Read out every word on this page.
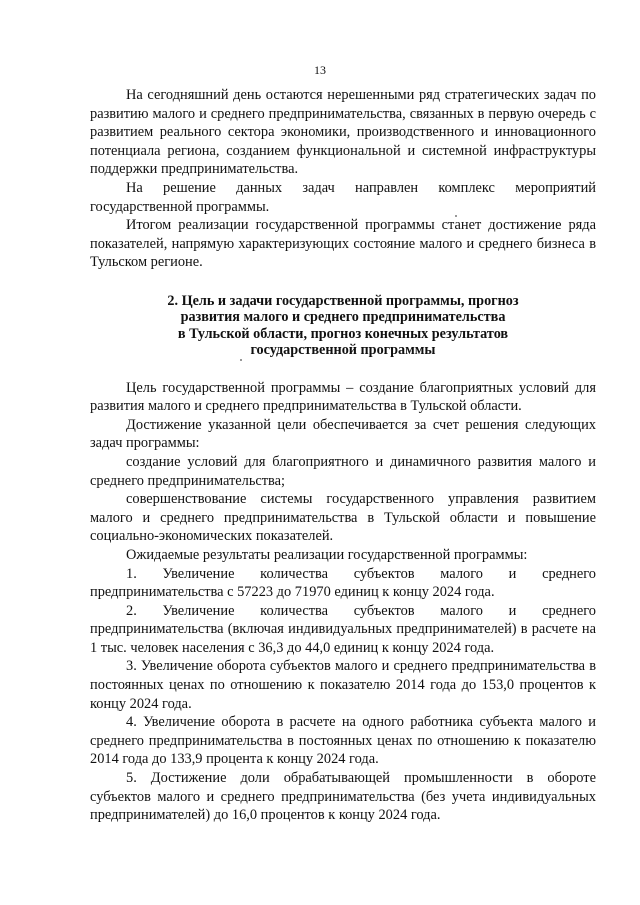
13

На сегодняшний день остаются нерешенными ряд стратегических задач по развитию малого и среднего предпринимательства, связанных в первую очередь с развитием реального сектора экономики, производственного и инновационного потенциала региона, созданием функциональной и системной инфраструктуры поддержки предпринимательства.

На решение данных задач направлен комплекс мероприятий государственной программы.

Итогом реализации государственной программы станет достижение ряда показателей, напрямую характеризующих состояние малого и среднего бизнеса в Тульском регионе.

2. Цель и задачи государственной программы, прогноз
развития малого и среднего предпринимательства
в Тульской области, прогноз конечных результатов
государственной программы

Цель государственной программы – создание благоприятных условий для развития малого и среднего предпринимательства в Тульской области.

Достижение указанной цели обеспечивается за счет решения следующих задач программы:

создание условий для благоприятного и динамичного развития малого и среднего предпринимательства;

совершенствование системы государственного управления развитием малого и среднего предпринимательства в Тульской области и повышение социально-экономических показателей.

Ожидаемые результаты реализации государственной программы:

1. Увеличение количества субъектов малого и среднего предпринимательства с 57223 до 71970 единиц к концу 2024 года.

2. Увеличение количества субъектов малого и среднего предпринимательства (включая индивидуальных предпринимателей) в расчете на 1 тыс. человек населения с 36,3 до 44,0 единиц к концу 2024 года.

3. Увеличение оборота субъектов малого и среднего предпринимательства в постоянных ценах по отношению к показателю 2014 года до 153,0 процентов к концу 2024 года.

4. Увеличение оборота в расчете на одного работника субъекта малого и среднего предпринимательства в постоянных ценах по отношению к показателю 2014 года до 133,9 процента к концу 2024 года.

5. Достижение доли обрабатывающей промышленности в обороте субъектов малого и среднего предпринимательства (без учета индивидуальных предпринимателей) до 16,0 процентов к концу 2024 года.
